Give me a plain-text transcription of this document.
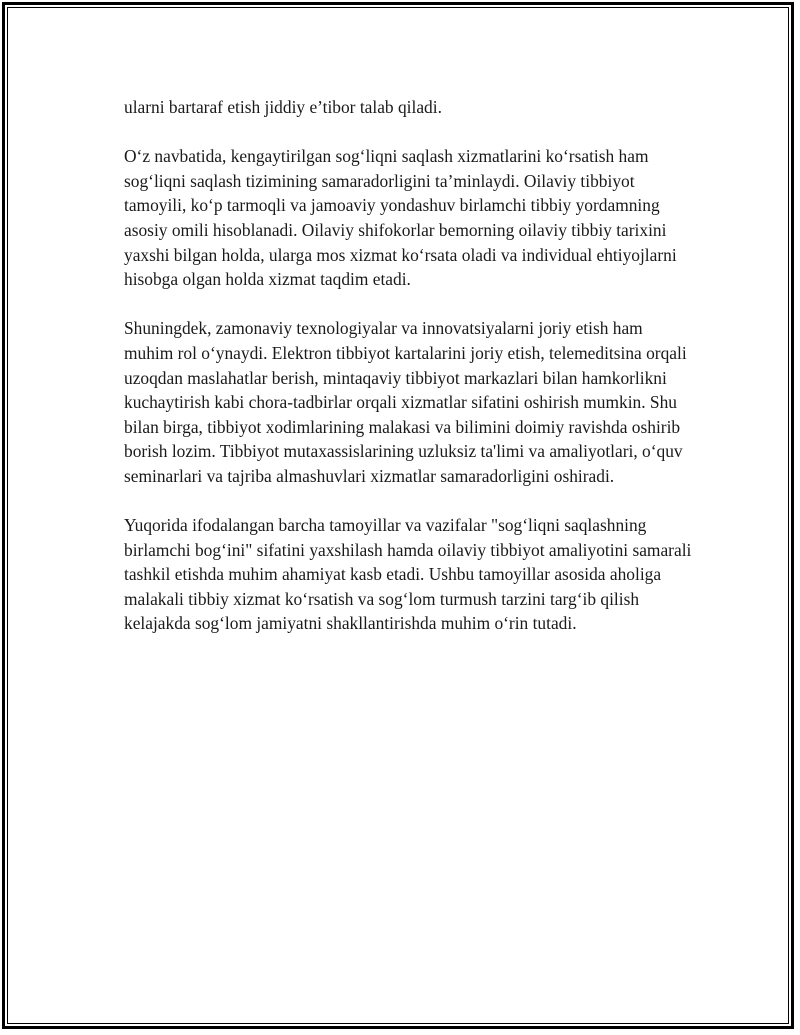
ularni bartaraf etish jiddiy e’tibor talab qiladi.

O‘z navbatida, kengaytirilgan sog‘liqni saqlash xizmatlarini ko‘rsatish ham sog‘liqni saqlash tizimining samaradorligini ta’minlaydi. Oilaviy tibbiyot tamoyili, ko‘p tarmoqli va jamoaviy yondashuv birlamchi tibbiy yordamning asosiy omili hisoblanadi. Oilaviy shifokorlar bemorning oilaviy tibbiy tarixini yaxshi bilgan holda, ularga mos xizmat ko‘rsata oladi va individual ehtiyojlarni hisobga olgan holda xizmat taqdim etadi.

Shuningdek, zamonaviy texnologiyalar va innovatsiyalarni joriy etish ham muhim rol o‘ynaydi. Elektron tibbiyot kartalarini joriy etish, telemeditsina orqali uzoqdan maslahatlar berish, mintaqaviy tibbiyot markazlari bilan hamkorlikni kuchaytirish kabi chora-tadbirlar orqali xizmatlar sifatini oshirish mumkin. Shu bilan birga, tibbiyot xodimlarining malakasi va bilimini doimiy ravishda oshirib borish lozim. Tibbiyot mutaxassislarining uzluksiz ta'limi va amaliyotlari, o‘quv seminarlari va tajriba almashuvlari xizmatlar samaradorligini oshiradi.

Yuqorida ifodalangan barcha tamoyillar va vazifalar "sog‘liqni saqlashning birlamchi bog‘ini" sifatini yaxshilash hamda oilaviy tibbiyot amaliyotini samarali tashkil etishda muhim ahamiyat kasb etadi. Ushbu tamoyillar asosida aholiga malakali tibbiy xizmat ko‘rsatish va sog‘lom turmush tarzini targ‘ib qilish kelajakda sog‘lom jamiyatni shakllantirishda muhim o‘rin tutadi.
